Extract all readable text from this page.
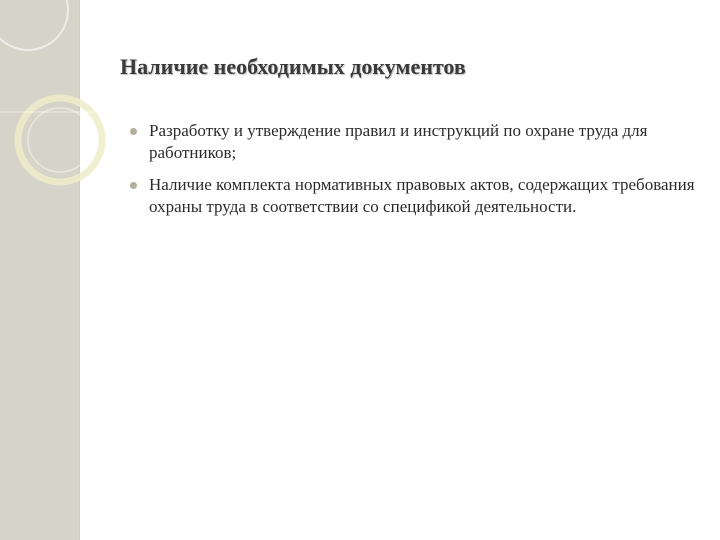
Наличие необходимых документов
Разработку и утверждение правил и инструкций по охране труда для работников;
Наличие комплекта нормативных правовых актов, содержащих требования охраны труда в соответствии со спецификой деятельности.
